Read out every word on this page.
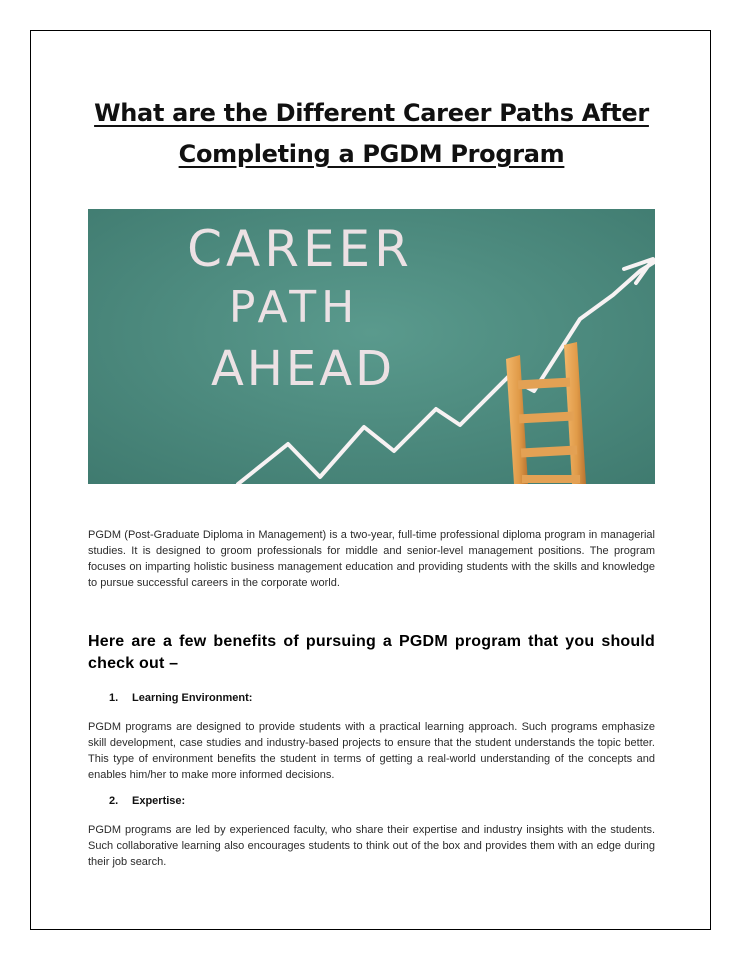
What are the Different Career Paths After
Completing a PGDM Program
CAREER
PATH
AHEAD

PGDM (Post-Graduate Diploma in Management) is a two-year, full-time professional diploma program in managerial studies. It is designed to groom professionals for middle and senior-level management positions. The program focuses on imparting holistic business management education and providing students with the skills and knowledge to pursue successful careers in the corporate world.

Here are a few benefits of pursuing a PGDM program that you should check out –
1. Learning Environment:

PGDM programs are designed to provide students with a practical learning approach. Such programs emphasize skill development, case studies and industry-based projects to ensure that the student understands the topic better. This type of environment benefits the student in terms of getting a real-world understanding of the concepts and enables him/her to make more informed decisions.

2. Expertise:

PGDM programs are led by experienced faculty, who share their expertise and industry insights with the students. Such collaborative learning also encourages students to think out of the box and provides them with an edge during their job search.
